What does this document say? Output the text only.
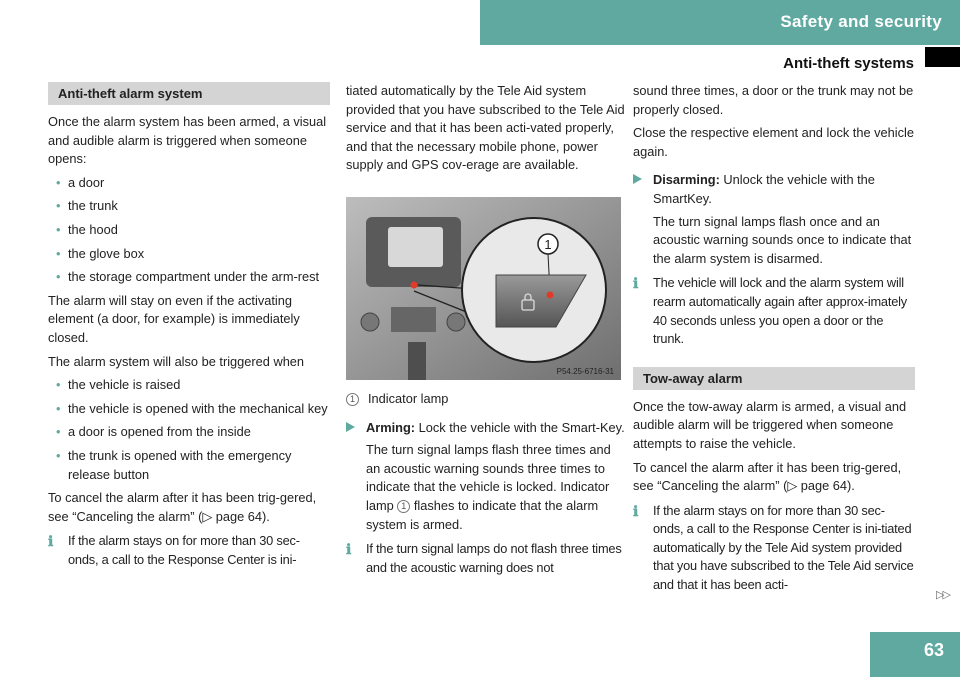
Safety and security
Anti-theft systems
Anti-theft alarm system

Once the alarm system has been armed, a visual and audible alarm is triggered when someone opens:

• a door
• the trunk
• the hood
• the glove box
• the storage compartment under the arm-rest

The alarm will stay on even if the activating element (a door, for example) is immediately closed.

The alarm system will also be triggered when

• the vehicle is raised
• the vehicle is opened with the mechanical key
• a door is opened from the inside
• the trunk is opened with the emergency release button

To cancel the alarm after it has been trig-gered, see “Canceling the alarm” (▷ page 64).

ℹ If the alarm stays on for more than 30 sec-onds, a call to the Response Center is ini-

tiated automatically by the Tele Aid system provided that you have subscribed to the Tele Aid service and that it has been acti-vated properly, and that the necessary mobile phone, power supply and GPS cov-erage are available.

1
P54.25-6716-31
1	Indicator lamp
Arming: Lock the vehicle with the Smart-Key.
The turn signal lamps flash three times and an acoustic warning sounds three times to indicate that the vehicle is locked. Indicator lamp 1 flashes to indicate that the alarm system is armed.
ℹ If the turn signal lamps do not flash three times and the acoustic warning does not

sound three times, a door or the trunk may not be properly closed.

Close the respective element and lock the vehicle again.

Disarming: Unlock the vehicle with the SmartKey.
The turn signal lamps flash once and an acoustic warning sounds once to indicate that the alarm system is disarmed.
ℹ The vehicle will lock and the alarm system will rearm automatically again after approx-imately 40 seconds unless you open a door or the trunk.
Tow-away alarm

Once the tow-away alarm is armed, a visual and audible alarm will be triggered when someone attempts to raise the vehicle.

To cancel the alarm after it has been trig-gered, see “Canceling the alarm” (▷ page 64).

ℹ If the alarm stays on for more than 30 sec-onds, a call to the Response Center is ini-tiated automatically by the Tele Aid system provided that you have subscribed to the Tele Aid service and that it has been acti-
▷▷
63
